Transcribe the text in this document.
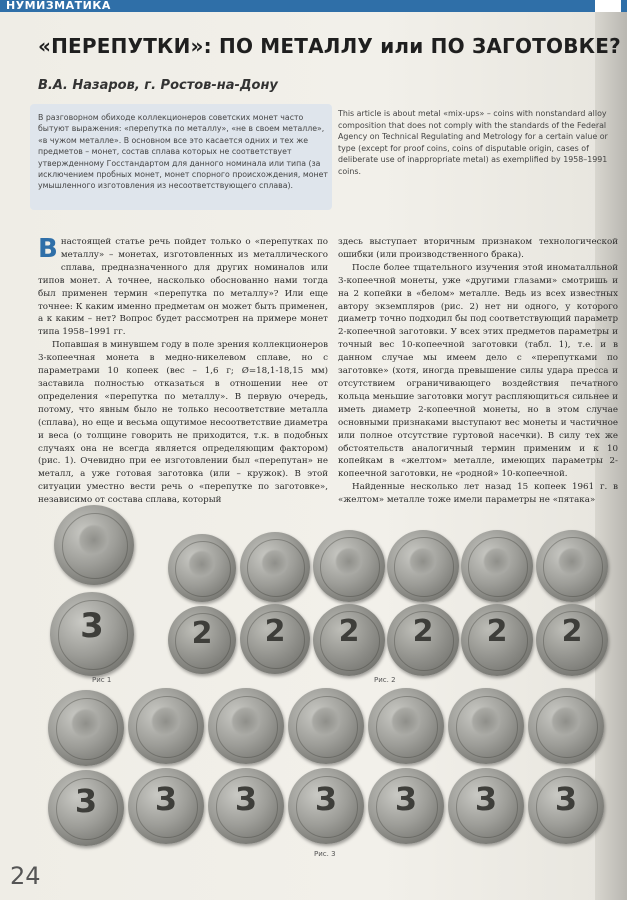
НУМИЗМАТИКА
«ПЕРЕПУТКИ»: ПО МЕТАЛЛУ или ПО ЗАГОТОВКЕ?
В.А. Назаров, г. Ростов-на-Дону
В разговорном обиходе коллекционеров советских монет часто бытуют выражения: «перепутка по металлу», «не в своем металле», «в чужом металле». В основном все это касается одних и тех же предметов – монет, состав сплава которых не соответствует утвержденному Госстандартом для данного номинала или типа (за исключением пробных монет, монет спорного происхождения, монет умышленного изготовления из несоответствующего сплава).
This article is about metal «mix-ups» – coins with nonstandard alloy composition that does not comply with the standards of the Federal Agency on Technical Regulating and Metrology for a certain value or type (except for proof coins, coins of disputable origin, cases of deliberate use of inappropriate metal) as exemplified by 1958–1991 coins.

Внастоящей статье речь пойдет только о «перепутках по металлу» – монетах, изготовленных из металлического сплава, предназначенного для других номиналов или типов монет. А точнее, насколько обоснованно нами тогда был применен термин «перепутка по металлу»? Или еще точнее: К каким именно предметам он может быть применен, а к каким – нет? Вопрос будет рассмотрен на примере монет типа 1958–1991 гг.

Попавшая в минувшем году в поле зрения коллекционеров 3-копеечная монета в медно-никелевом сплаве, но с параметрами 10 копеек (вес – 1,6 г; Ø=18,1-18,15 мм) заставила полностью отказаться в отношении нее от определения «перепутка по металлу». В первую очередь, потому, что явным было не только несоответствие металла (сплава), но еще и весьма ощутимое несоответствие диаметра и веса (о толщине говорить не приходится, т.к. в подобных случаях она не всегда является определяющим фактором) (рис. 1). Очевидно при ее изготовлении был «перепутан» не металл, а уже готовая заготовка (или – кружок). В этой ситуации уместно вести речь о «перепутке по заготовке», независимо от состава сплава, который

здесь выступает вторичным признаком технологической ошибки (или производственного брака).

После более тщательного изучения этой иноматалльной 3-копеечной монеты, уже «другими глазами» смотришь и на 2 копейки в «белом» металле. Ведь из всех известных автору экземпляров (рис. 2) нет ни одного, у которого диаметр точно подходил бы под соответствующий параметр 2-копеечной заготовки. У всех этих предметов параметры и точный вес 10-копеечной заготовки (табл. 1), т.е. и в данном случае мы имеем дело с «перепутками по заготовке» (хотя, иногда превышение силы удара пресса и отсутствием ограничивающего воздействия печатного кольца меньшие заготовки могут распляющиться сильнее и иметь диаметр 2-копеечной монеты, но в этом случае основными признаками выступают вес монеты и частичное или полное отсутствие гуртовой насечки). В силу тех же обстоятельств аналогичный термин применим и к 10 копейкам в «желтом» металле, имеющих параметры 2-копеечной заготовки, не «родной» 10-копеечной.

Найденные несколько лет назад 15 копеек 1961 г. в «желтом» металле тоже имели параметры не «пятака»

3
Рис 1
2	2	2	2	2	2
Рис. 2
3	3	3	3	3	3	3
Рис. 3
24
